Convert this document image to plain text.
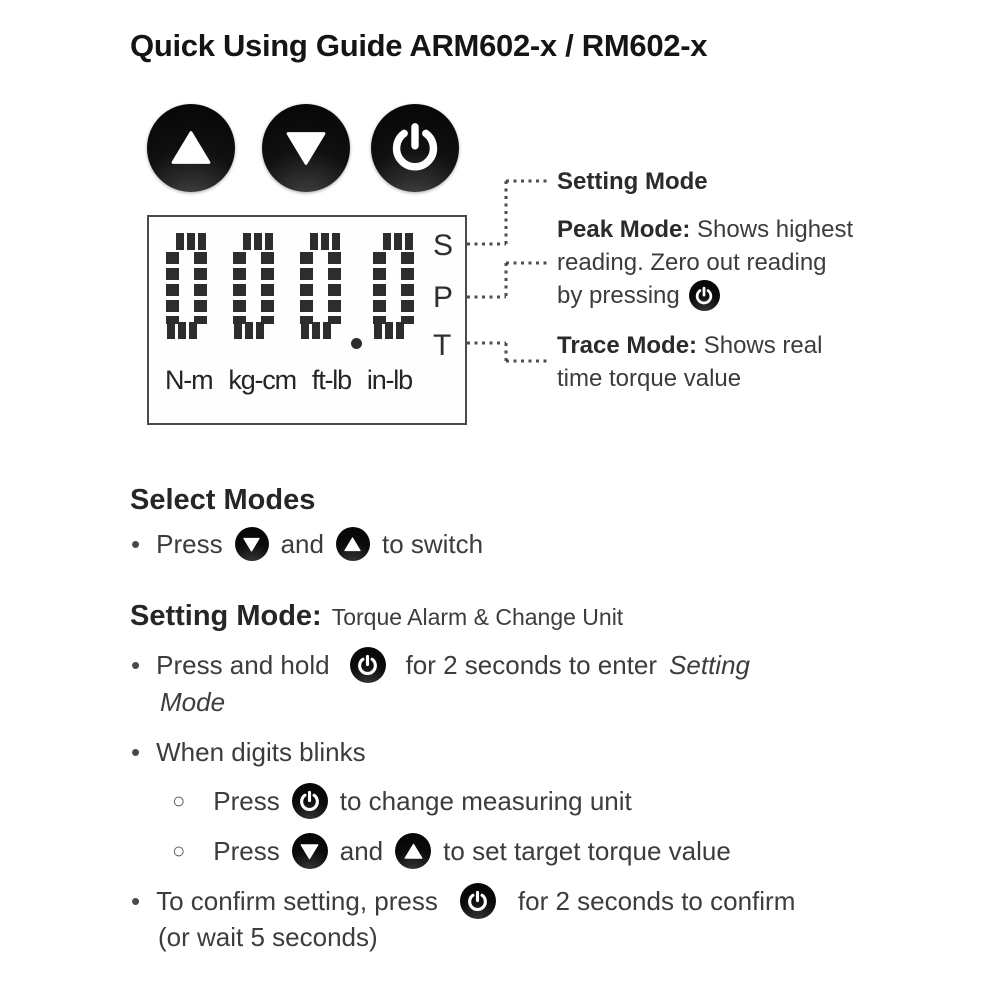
Quick Using Guide ARM602-x / RM602-x
S
P
T
N-m kg-cm ft-lb in-lb
Setting Mode
Peak Mode: Shows highest
reading. Zero out reading
by pressing
Trace Mode: Shows real
time torque value
Select Modes
• Press and to switch
Setting Mode: Torque Alarm & Change Unit
• Press and hold	for 2 seconds to enter Setting
Mode
• When digits blinks
○ Press to change measuring unit
○ Press and to set target torque value
• To confirm setting, press	for 2 seconds to confirm
(or wait 5 seconds)
